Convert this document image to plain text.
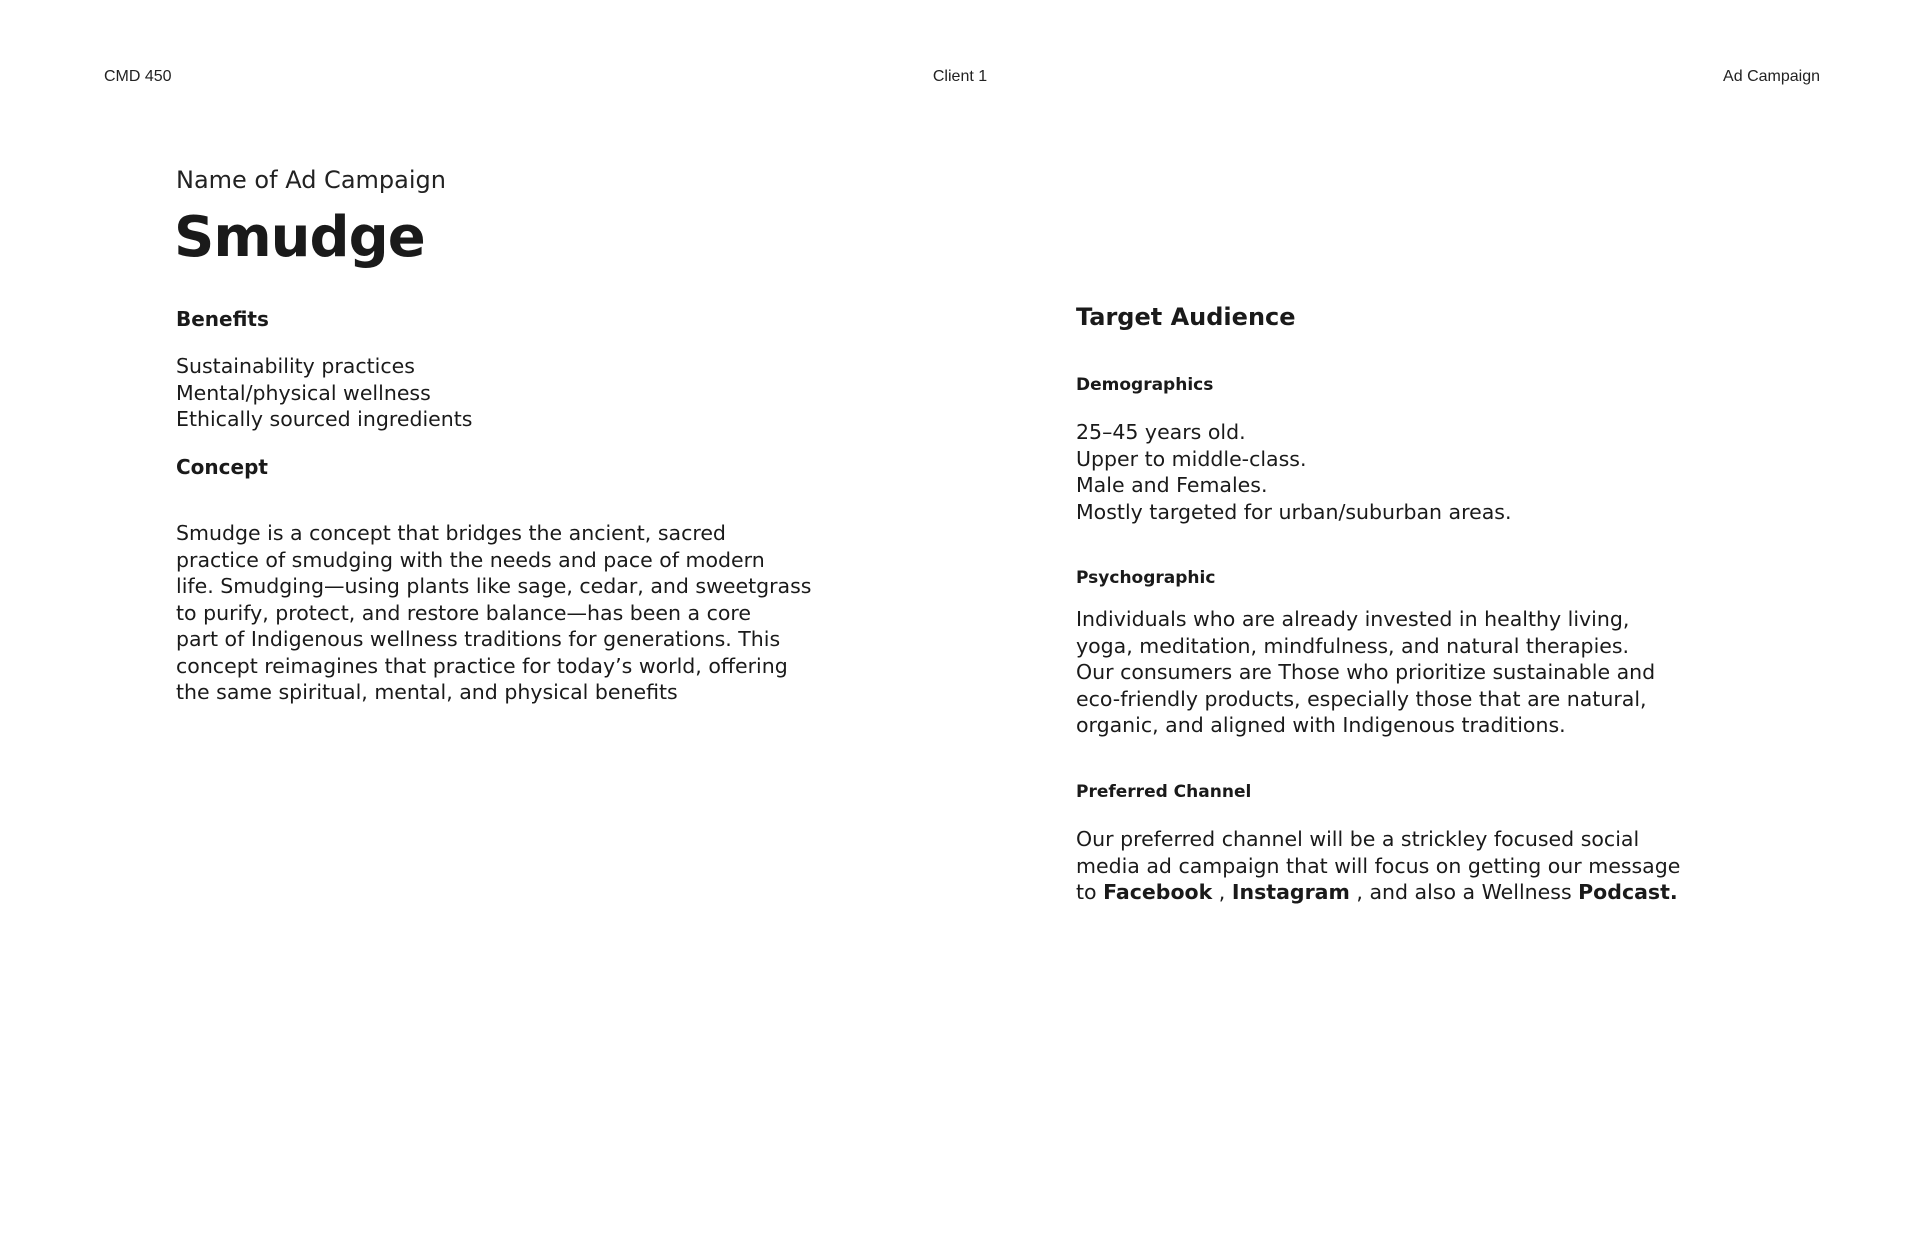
CMD 450	Client 1	Ad Campaign
Name of Ad Campaign
Smudge
Benefits
Sustainability practices
Mental/physical wellness
Ethically sourced ingredients
Concept
Smudge is a concept that bridges the ancient, sacred
practice of smudging with the needs and pace of modern
life. Smudging—using plants like sage, cedar, and sweetgrass
to purify, protect, and restore balance—has been a core
part of Indigenous wellness traditions for generations. This
concept reimagines that practice for today’s world, offering
the same spiritual, mental, and physical benefits
Target Audience
Demographics
25–45 years old.
Upper to middle-class.
Male and Females.
Mostly targeted for urban/suburban areas.
Psychographic
Individuals who are already invested in healthy living,
yoga, meditation, mindfulness, and natural therapies.
Our consumers are Those who prioritize sustainable and
eco-friendly products, especially those that are natural,
organic, and aligned with Indigenous traditions.
Preferred Channel
Our preferred channel will be a strickley focused social
media ad campaign that will focus on getting our message
to Facebook , Instagram , and also a Wellness Podcast.
